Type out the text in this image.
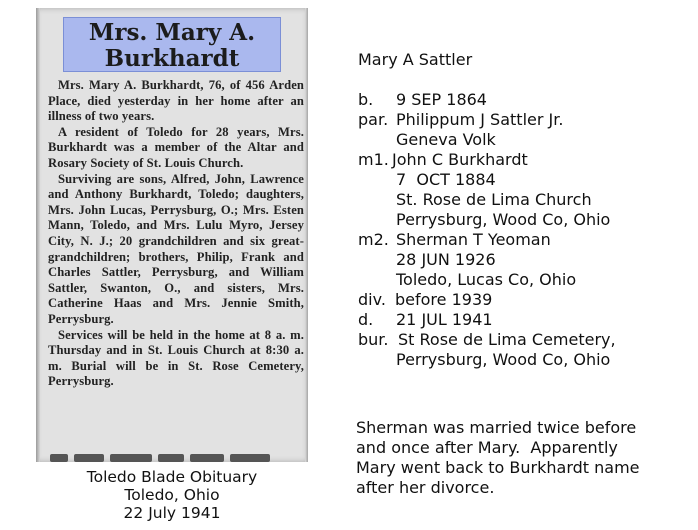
Mrs. Mary A.
Burkhardt

Mrs. Mary A. Burkhardt, 76, of 456 Arden Place, died yesterday in her home after an illness of two years.

A resident of Toledo for 28 years, Mrs. Burkhardt was a member of the Altar and Rosary Society of St. Louis Church.

Surviving are sons, Alfred, John, Lawrence and Anthony Burkhardt, Toledo; daughters, Mrs. John Lucas, Perrysburg, O.; Mrs. Esten Mann, Toledo, and Mrs. Lulu Myro, Jersey City, N. J.; 20 grandchildren and six great-grandchildren; brothers, Philip, Frank and Charles Sattler, Perrysburg, and William Sattler, Swanton, O., and sisters, Mrs. Catherine Haas and Mrs. Jennie Smith, Perrysburg.

Services will be held in the home at 8 a. m. Thursday and in St. Louis Church at 8:30 a. m. Burial will be in St. Rose Cemetery, Perrysburg.

Toledo Blade Obituary
Toledo, Ohio
22 July 1941
Mary A Sattler
b. 9 SEP 1864
par. Philippum J Sattler Jr.
Geneva Volk
m1. John C Burkhardt
7  OCT 1884
St. Rose de Lima Church
Perrysburg, Wood Co, Ohio
m2. Sherman T Yeoman
28 JUN 1926
Toledo, Lucas Co, Ohio
div. before 1939
d. 21 JUL 1941
bur. St Rose de Lima Cemetery,
Perrysburg, Wood Co, Ohio
Sherman was married twice before
and once after Mary.  Apparently
Mary went back to Burkhardt name
after her divorce.
